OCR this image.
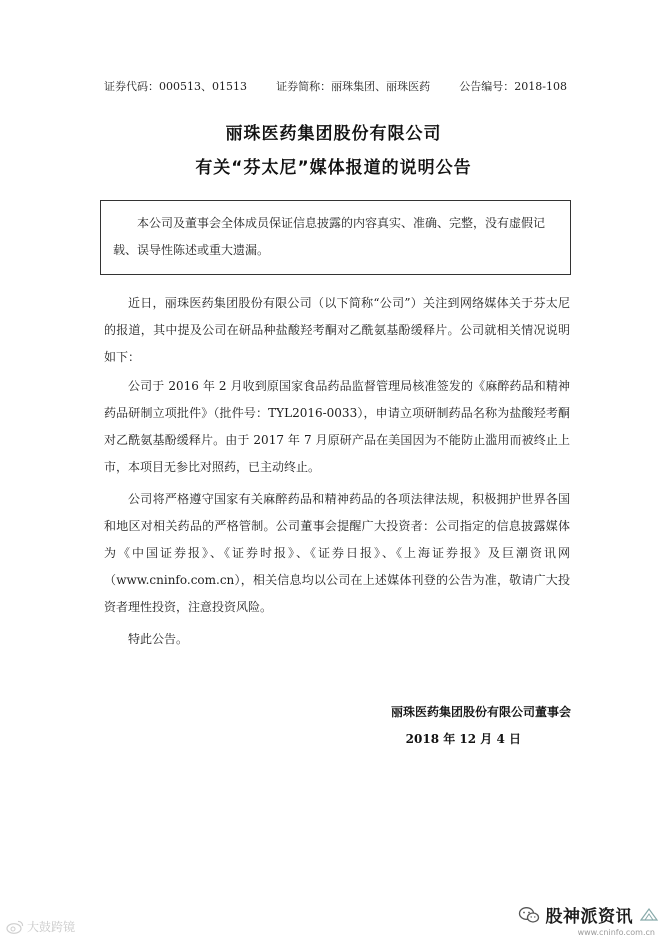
证券代码：000513、01513	证券简称：丽珠集团、丽珠医药	公告编号：2018-108
丽珠医药集团股份有限公司
有关“芬太尼”媒体报道的说明公告
本公司及董事会全体成员保证信息披露的内容真实、准确、完整，没有虚假记载、误导性陈述或重大遗漏。

近日，丽珠医药集团股份有限公司（以下简称“公司”）关注到网络媒体关于芬太尼的报道，其中提及公司在研品种盐酸羟考酮对乙酰氨基酚缓释片。公司就相关情况说明如下：

公司于 2016 年 2 月收到原国家食品药品监督管理局核准签发的《麻醉药品和精神药品研制立项批件》（批件号：TYL2016-0033），申请立项研制药品名称为盐酸羟考酮对乙酰氨基酚缓释片。由于 2017 年 7 月原研产品在美国因为不能防止滥用而被终止上市，本项目无参比对照药，已主动终止。

公司将严格遵守国家有关麻醉药品和精神药品的各项法律法规，积极拥护世界各国和地区对相关药品的严格管制。公司董事会提醒广大投资者：公司指定的信息披露媒体为《中国证券报》、《证券时报》、《证券日报》、《上海证券报》及巨潮资讯网（www.cninfo.com.cn），相关信息均以公司在上述媒体刊登的公告为准，敬请广大投资者理性投资，注意投资风险。

特此公告。

丽珠医药集团股份有限公司董事会
2018 年 12 月 4 日
大鼓跨镜	股神派资讯
www.cninfo.com.cn
